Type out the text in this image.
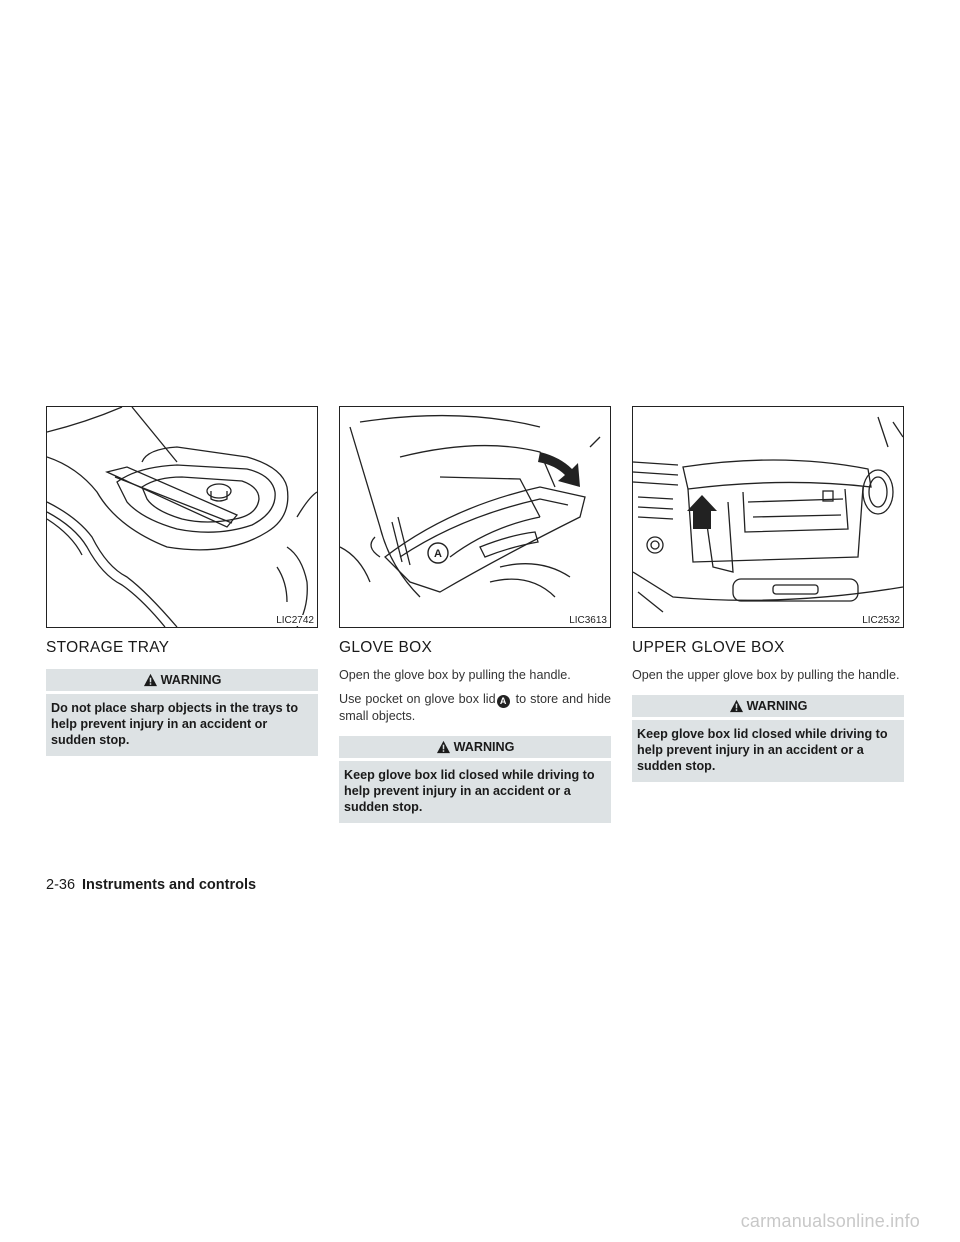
LIC2742
STORAGE TRAY
WARNING
Do not place sharp objects in the trays to help prevent injury in an accident or sudden stop.
A
LIC3613
GLOVE BOX

Open the glove box by pulling the handle.

Use pocket on glove box lid A to store and hide small objects.

WARNING
Keep glove box lid closed while driving to help prevent injury in an accident or a sudden stop.
LIC2532
UPPER GLOVE BOX

Open the upper glove box by pulling the handle.

WARNING
Keep glove box lid closed while driving to help prevent injury in an accident or a sudden stop.
2-36 Instruments and controls
carmanualsonline.info
